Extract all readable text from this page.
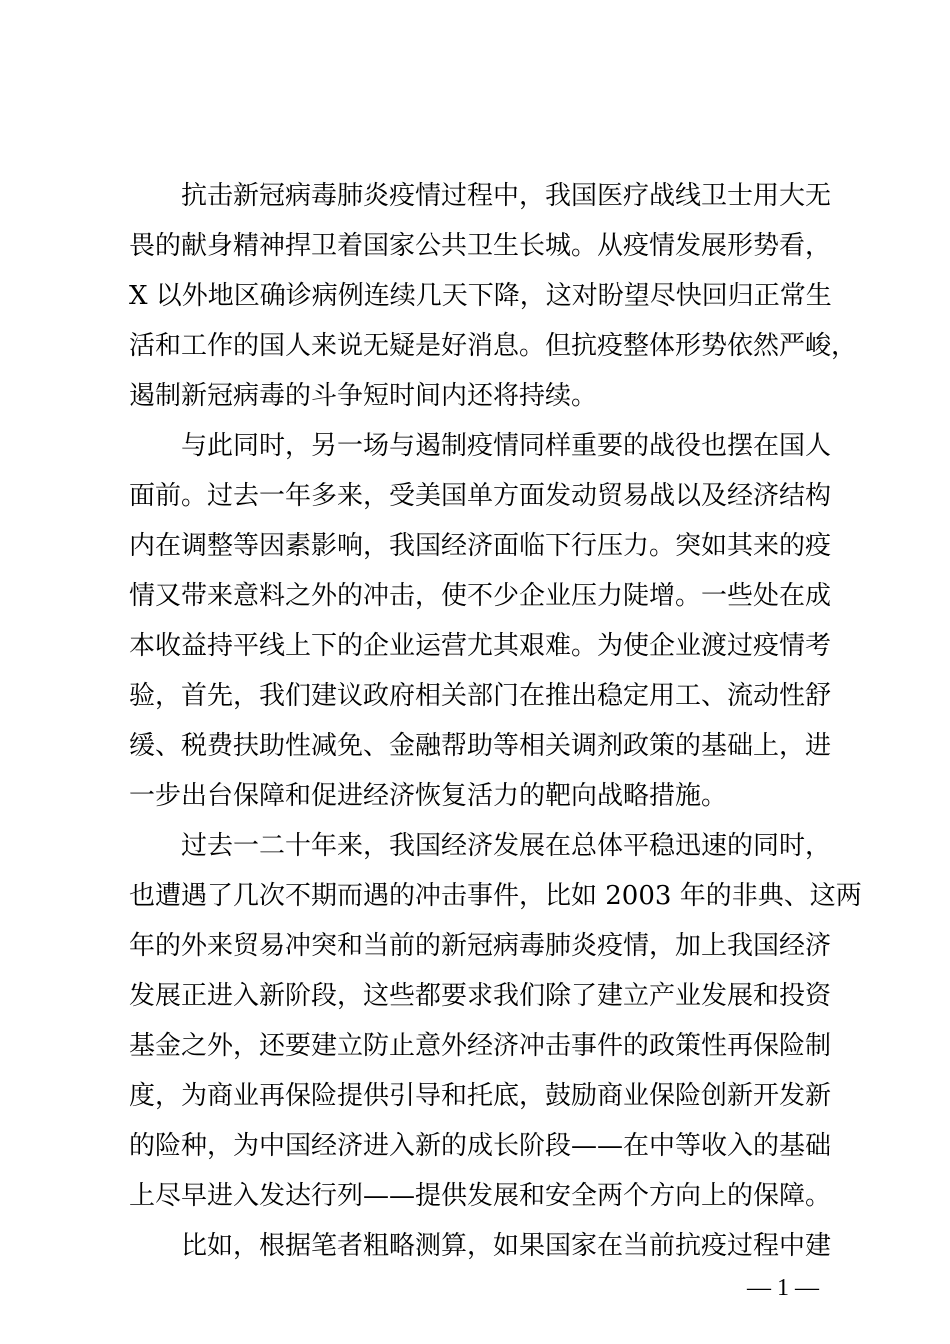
抗击新冠病毒肺炎疫情过程中，我国医疗战线卫士用大无
畏的献身精神捍卫着国家公共卫生长城。从疫情发展形势看，
X 以外地区确诊病例连续几天下降，这对盼望尽快回归正常生
活和工作的国人来说无疑是好消息。但抗疫整体形势依然严峻，
遏制新冠病毒的斗争短时间内还将持续。
与此同时，另一场与遏制疫情同样重要的战役也摆在国人
面前。过去一年多来，受美国单方面发动贸易战以及经济结构
内在调整等因素影响，我国经济面临下行压力。突如其来的疫
情又带来意料之外的冲击，使不少企业压力陡增。一些处在成
本收益持平线上下的企业运营尤其艰难。为使企业渡过疫情考
验，首先，我们建议政府相关部门在推出稳定用工、流动性舒
缓、税费扶助性减免、金融帮助等相关调剂政策的基础上，进
一步出台保障和促进经济恢复活力的靶向战略措施。
过去一二十年来，我国经济发展在总体平稳迅速的同时，
也遭遇了几次不期而遇的冲击事件，比如 2003 年的非典、这两
年的外来贸易冲突和当前的新冠病毒肺炎疫情，加上我国经济
发展正进入新阶段，这些都要求我们除了建立产业发展和投资
基金之外，还要建立防止意外经济冲击事件的政策性再保险制
度，为商业再保险提供引导和托底，鼓励商业保险创新开发新
的险种，为中国经济进入新的成长阶段——在中等收入的基础
上尽早进入发达行列——提供发展和安全两个方向上的保障。
比如，根据笔者粗略测算，如果国家在当前抗疫过程中建
— 1 —
